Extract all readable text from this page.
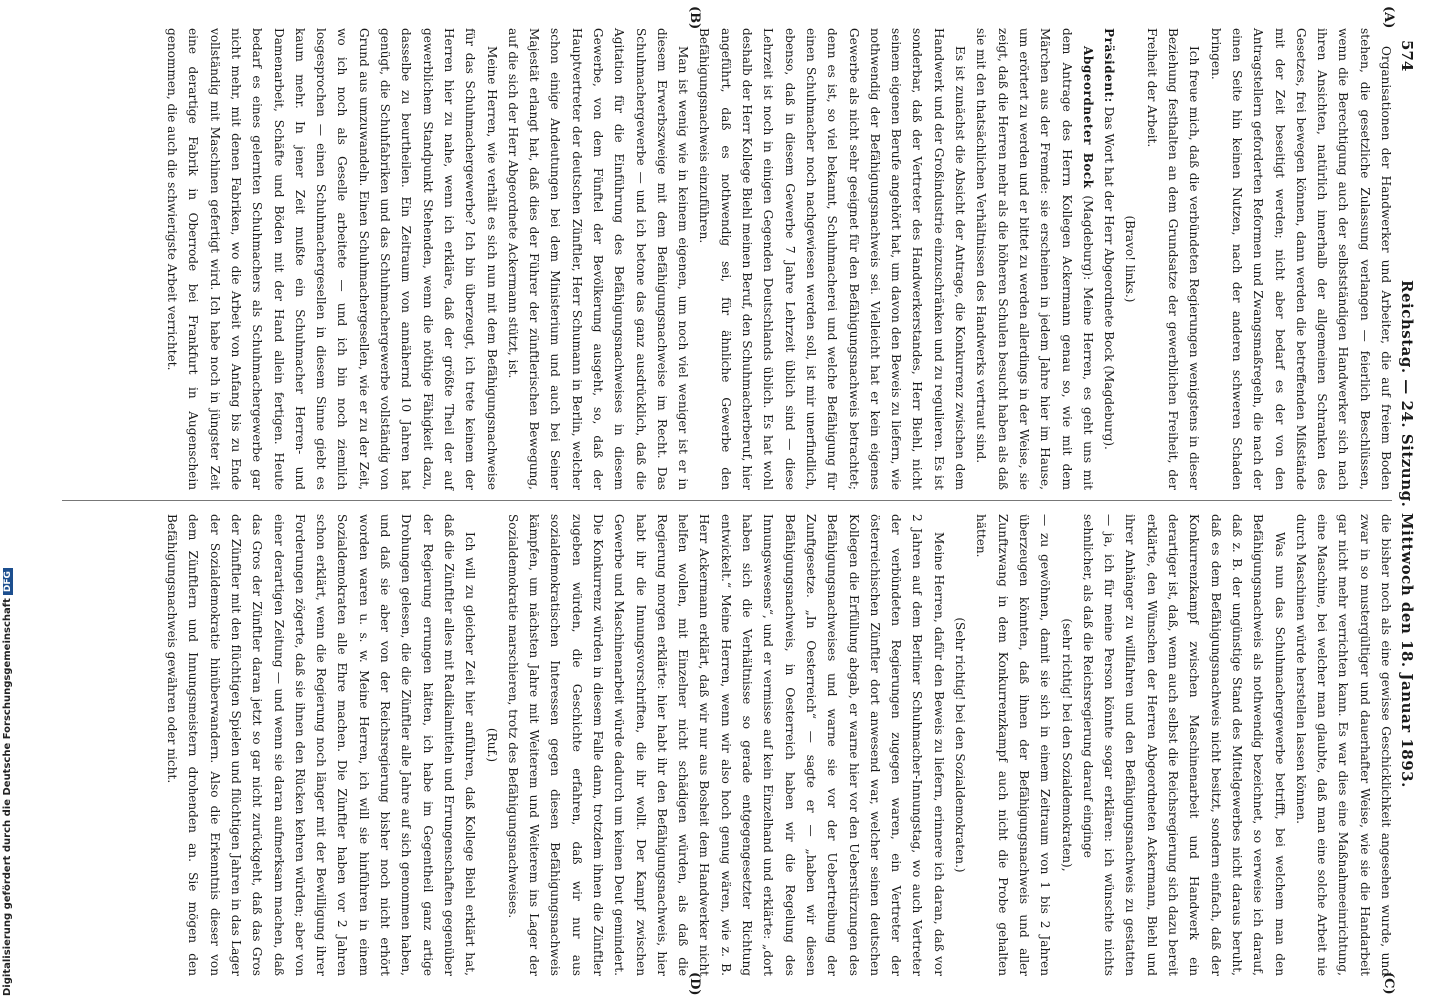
574
Reichstag. — 24. Sitzung. Mittwoch den 18. Januar 1893.
(A)
(B)
(C)
(D)

Organisationen der Handwerker und Arbeiter, die auf freiem Boden stehen, die gesetzliche Zulassung verlangen — feierlich Beschlüssen, wenn die Berechtigung auch der selbstständigen Handwerker sich nach ihren Ansichten, natürlich innerhalb der allgemeinen Schranken des Gesetzes, frei bewegen können, dann werden die betreffenden Mißstände mit der Zeit beseitigt werden; nicht aber bedarf es der von den Antragstellern geforderten Reformen und Zwangsmaßregeln, die nach der einen Seite hin keinen Nutzen, nach der anderen schweren Schaden bringen.

Ich freue mich, daß die verbündeten Regierungen wenigstens in dieser Beziehung festhalten an dem Grundsatze der gewerblichen Freiheit, der Freiheit der Arbeit.

(Bravo! links.)

Präsident: Das Wort hat der Herr Abgeordnete Bock (Magdeburg).

Abgeordneter Bock (Magdeburg): Meine Herren, es geht uns mit dem Antrage des Herrn Kollegen Ackermann genau so, wie mit dem Märchen aus der Fremde: sie erscheinen in jedem Jahre hier im Hause, um erörtert zu werden und er bittet zu werden allerdings in der Weise, sie zeigt, daß die Herren mehr als die höheren Schulen besucht haben als daß sie mit den thatsächlichen Verhältnissen des Handwerks vertraut sind.

Es ist zunächst die Absicht der Antrage, die Konkurrenz zwischen dem Handwerk und der Großindustrie einzuschränken und zu regulieren. Es ist sonderbar, daß der Vertreter des Handwerkerstandes, Herr Biehl, nicht seinem eigenen Berufe angehört hat, um davon den Beweis zu liefern, wie nothwendig der Befähigungsnachweis sei. Vielleicht hat er kein eigenes Gewerbe als nicht sehr geeignet für den Befähigungsnachweis betrachtet; denn es ist, so viel bekannt, Schuhmacherei und welche Befähigung für einen Schuhmacher noch nachgewiesen werden soll, ist mir unerfindlich, ebenso, daß in diesem Gewerbe 7 Jahre Lehrzeit üblich sind — diese Lehrzeit ist noch in einigen Gegenden Deutschlands üblich. Es hat wohl deshalb der Herr Kollege Biehl meinen Beruf, den Schuhmacherberuf, hier angeführt, daß es nothwendig sei, für ähnliche Gewerbe den Befähigungsnachweis einzuführen.

Man ist wenig wie in keinem eigenen, um noch viel weniger ist er in diesem Erwerbszweige mit dem Befähigungsnachweise im Recht. Das Schuhmachergewerbe — und ich betone das ganz ausdrücklich, daß die Agitation für die Einführung des Befähigungsnachweises in diesem Gewerbe, von dem Fünftel der Bevölkerung ausgeht, so, daß der Hauptvertreter der deutschen Zünftler, Herr Schumann in Berlin, welcher schon einige Andeutungen bei dem Ministerium und auch bei Seiner Majestät erlangt hat, daß dies der Führer der zünftlerischen Bewegung, auf die sich der Herr Abgeordnete Ackermann stützt, ist.

Meine Herren, wie verhält es sich nun mit dem Befähigungsnachweise für das Schuhmachergewerbe? Ich bin überzeugt, ich trete keinem der Herren hier zu nahe, wenn ich erkläre, daß der größte Theil der auf gewerblichem Standpunkt Stehenden, wenn die nöthige Fähigkeit dazu, dasselbe zu beurtheilen. Ein Zeitraum von annähernd 10 Jahren hat genügt, die Schuhfabriken und das Schuhmachergewerbe vollständig von Grund aus umzuwandeln. Einen Schuhmachergesellen, wie er zu der Zeit, wo ich noch als Geselle arbeitete — und ich bin noch ziemlich losgesprochen — einen Schuhmachergesellen in diesem Sinne giebt es kaum mehr. In jener Zeit mußte ein Schuhmacher Herren- und Damenarbeit, Schäfte und Böden mit der Hand allein fertigen. Heute bedarf es eines gelernten Schuhmachers als Schuhmachergewerbe gar nicht mehr, mit denen Fabriken, wo die Arbeit von Anfang bis zu Ende vollständig mit Maschinen gefertigt wird. Ich habe noch in jüngster Zeit eine derartige Fabrik in Oberrode bei Frankfurt in Augenschein genommen, die auch die schwierigste Arbeit verrichtet.

die bisher noch als eine gewisse Geschicklichkeit angesehen wurde, und zwar in so mustergültiger und dauerhafter Weise, wie sie die Handarbeit gar nicht mehr verrichten kann. Es war dies eine Maßnahmeeinrichtung, eine Maschine, bei welcher man glaubte, daß man eine solche Arbeit nie durch Maschinen würde herstellen lassen können.

Was nun das Schuhmachergewerbe betrifft, bei welchem man den Befähigungsnachweis als nothwendig bezeichnet, so verweise ich darauf, daß z. B. der ungünstige Stand des Mittelgewerbes nicht daraus beruht, daß es dem Befähigungsnachweis nicht besitzt, sondern einfach, daß der Konkurrenzkampf zwischen Maschinenarbeit und Handwerk ein derartiger ist, daß, wenn auch selbst die Reichsregierung sich dazu bereit erklärte, den Wünschen der Herren Abgeordneten Ackermann, Biehl und ihrer Anhänger zu willfahren und den Befähigungsnachweis zu gestatten — ja, ich für meine Person könnte sogar erklären: ich wünschte nichts sehnlicher, als daß die Reichsregierung darauf einginge

(sehr richtig! bei den Sozialdemokraten),

— zu gewöhnen, damit sie sich in einem Zeitraum von 1 bis 2 Jahren überzeugen könnten, daß ihnen der Befähigungsnachweis und aller Zunftzwang in dem Konkurrenzkampf auch nicht die Probe gehalten hätten.

(Sehr richtig! bei den Sozialdemokraten.)

Meine Herren, dafür den Beweis zu liefern, erinnere ich daran, daß vor 2 Jahren auf dem Berliner Schuhmacher-Innungstag, wo auch Vertreter der verbündeten Regierungen zugegen waren, ein Vertreter der österreichischen Zünftler dort anwesend war, welcher seinen deutschen Kollegen die Erfüllung abgab, er warne hier vor den Ueberstürzungen des Befähigungsnachweises und warne sie vor der Uebertreibung der Zunftgesetze. „In Oesterreich“ — sagte er — „haben wir diesen Befähigungsnachweis, in Oesterreich haben wir die Regelung des Innungswesens“, und er vermisse auf kein Einzelhand und erklärte: „dort haben sich die Verhältnisse so gerade entgegengesetzter Richtung entwickelt.“ Meine Herren, wenn wir also hoch genug wären, wie z. B. Herr Ackermann erklärt, daß wir nur aus Bosheit dem Handwerker nicht helfen wollen, mit Einzelner nicht schädigen würden, als daß die Regierung morgen erklärte: hier habt ihr den Befähigungsnachweis, hier habt ihr die Innungsvorschriften, die ihr wollt. Der Kampf zwischen Gewerbe und Maschinenarbeit würde dadurch um keinen Deut gemindert. Die Konkurrenz würden in diesem Falle dann, trotzdem ihnen die Zünftler zugeben würden, die Geschichte erfahren, daß wir nur aus sozialdemokratischen Interessen gegen diesen Befähigungsnachweis kämpfen, um nächsten Jahre mit Weiterem und Weiterem ins Lager der Sozialdemokratie marschieren, trotz des Befähigungsnachweises.

(Ruf.)

Ich will zu gleicher Zeit hier anführen, daß Kollege Biehl erklärt hat, daß die Zünftler alles mit Radikalmitteln und Errungenschaften gegenüber der Regierung errungen hätten, ich habe im Gegentheil ganz artige Drohungen gelesen, die die Zünftler alle Jahre auf sich genommen haben, und daß sie aber von der Reichsregierung bisher noch nicht erhört worden waren u. s. w. Meine Herren, ich will sie hinführen in einem Sozialdemokraten alle Ehre machen. Die Zünftler haben vor 2 Jahren schon erklärt, wenn die Regierung noch länger mit der Bewilligung ihrer Forderungen zögerte, daß sie ihnen den Rücken kehren würden; aber von einer derartigen Zeitung — und wenn sie daran aufmerksam machen, daß das Gros der Zünftler daran jetzt so gar nicht zurückgeht, daß das Gros der Zünftler mit den flüchtigen Spielen und flüchtigen Jahren in das Lager der Sozialdemokratie hinüberwandern. Also die Erkenntnis dieser von dem Zünftlern und Innungsmeistern drohenden an. Sie mögen den Befähigungsnachweis gewähren oder nicht.

Digitalisierung gefördert durch die Deutsche ForschungsgemeinschaftDFG
